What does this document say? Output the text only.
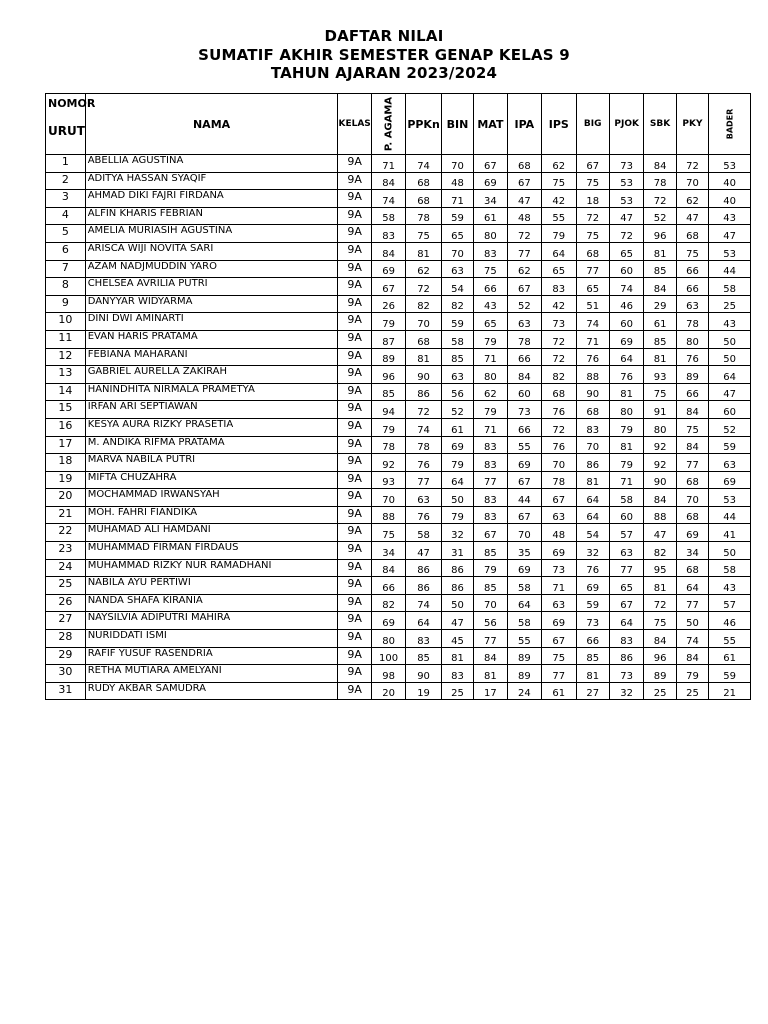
DAFTAR NILAI
SUMATIF AKHIR SEMESTER GENAP KELAS 9
TAHUN AJARAN 2023/2024
NOMOR
URUT	NAMA	KELAS	P. AGAMA	PPKn	BIN	MAT	IPA	IPS	BIG	PJOK	SBK	PKY	BADER

1	ABELLIA AGUSTINA	9A	71	74	70	67	68	62	67	73	84	72	53
2	ADITYA HASSAN SYAQIF	9A	84	68	48	69	67	75	75	53	78	70	40
3	AHMAD DIKI FAJRI FIRDANA	9A	74	68	71	34	47	42	18	53	72	62	40
4	ALFIN KHARIS FEBRIAN	9A	58	78	59	61	48	55	72	47	52	47	43
5	AMELIA MURIASIH AGUSTINA	9A	83	75	65	80	72	79	75	72	96	68	47
6	ARISCA WIJI NOVITA SARI	9A	84	81	70	83	77	64	68	65	81	75	53
7	AZAM NADJMUDDIN YARO	9A	69	62	63	75	62	65	77	60	85	66	44
8	CHELSEA AVRILIA PUTRI	9A	67	72	54	66	67	83	65	74	84	66	58
9	DANYYAR WIDYARMA	9A	26	82	82	43	52	42	51	46	29	63	25
10	DINI DWI AMINARTI	9A	79	70	59	65	63	73	74	60	61	78	43
11	EVAN HARIS PRATAMA	9A	87	68	58	79	78	72	71	69	85	80	50
12	FEBIANA MAHARANI	9A	89	81	85	71	66	72	76	64	81	76	50
13	GABRIEL AURELLA ZAKIRAH	9A	96	90	63	80	84	82	88	76	93	89	64
14	HANINDHITA NIRMALA PRAMETYA	9A	85	86	56	62	60	68	90	81	75	66	47
15	IRFAN ARI SEPTIAWAN	9A	94	72	52	79	73	76	68	80	91	84	60
16	KESYA AURA RIZKY PRASETIA	9A	79	74	61	71	66	72	83	79	80	75	52
17	M. ANDIKA RIFMA PRATAMA	9A	78	78	69	83	55	76	70	81	92	84	59
18	MARVA NABILA PUTRI	9A	92	76	79	83	69	70	86	79	92	77	63
19	MIFTA CHUZAHRA	9A	93	77	64	77	67	78	81	71	90	68	69
20	MOCHAMMAD IRWANSYAH	9A	70	63	50	83	44	67	64	58	84	70	53
21	MOH. FAHRI FIANDIKA	9A	88	76	79	83	67	63	64	60	88	68	44
22	MUHAMAD ALI HAMDANI	9A	75	58	32	67	70	48	54	57	47	69	41
23	MUHAMMAD FIRMAN FIRDAUS	9A	34	47	31	85	35	69	32	63	82	34	50
24	MUHAMMAD RIZKY NUR RAMADHANI	9A	84	86	86	79	69	73	76	77	95	68	58
25	NABILA AYU PERTIWI	9A	66	86	86	85	58	71	69	65	81	64	43
26	NANDA SHAFA KIRANIA	9A	82	74	50	70	64	63	59	67	72	77	57
27	NAYSILVIA ADIPUTRI MAHIRA	9A	69	64	47	56	58	69	73	64	75	50	46
28	NURIDDATI ISMI	9A	80	83	45	77	55	67	66	83	84	74	55
29	RAFIF YUSUF RASENDRIA	9A	100	85	81	84	89	75	85	86	96	84	61
30	RETHA MUTIARA AMELYANI	9A	98	90	83	81	89	77	81	73	89	79	59
31	RUDY AKBAR SAMUDRA	9A	20	19	25	17	24	61	27	32	25	25	21
